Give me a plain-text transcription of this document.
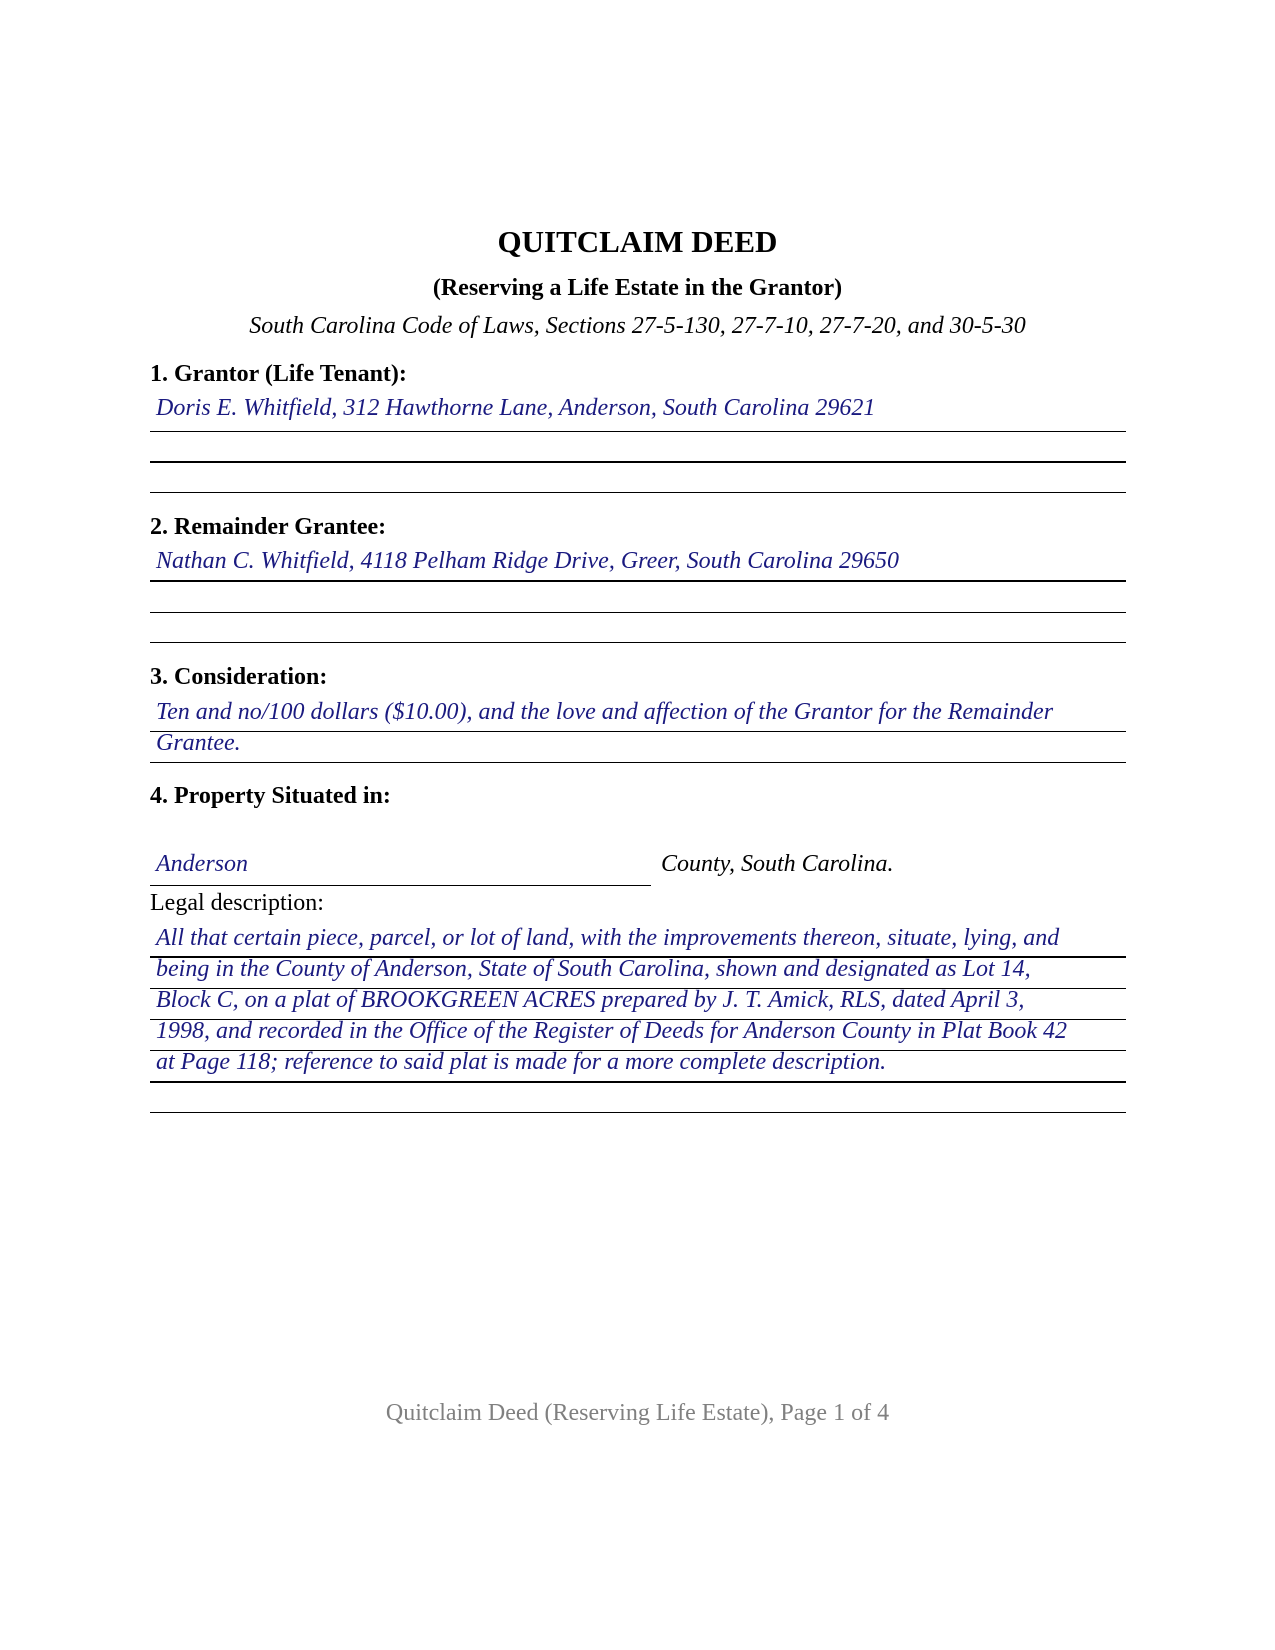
QUITCLAIM DEED
(Reserving a Life Estate in the Grantor)
South Carolina Code of Laws, Sections 27-5-130, 27-7-10, 27-7-20, and 30-5-30
1. Grantor (Life Tenant):
Doris E. Whitfield, 312 Hawthorne Lane, Anderson, South Carolina 29621
2. Remainder Grantee:
Nathan C. Whitfield, 4118 Pelham Ridge Drive, Greer, South Carolina 29650
3. Consideration:
Ten and no/100 dollars ($10.00), and the love and affection of the Grantor for the Remainder
Grantee.
4. Property Situated in:
Anderson	County, South Carolina.
Legal description:
All that certain piece, parcel, or lot of land, with the improvements thereon, situate, lying, and
being in the County of Anderson, State of South Carolina, shown and designated as Lot 14,
Block C, on a plat of BROOKGREEN ACRES prepared by J. T. Amick, RLS, dated April 3,
1998, and recorded in the Office of the Register of Deeds for Anderson County in Plat Book 42
at Page 118; reference to said plat is made for a more complete description.
Quitclaim Deed (Reserving Life Estate), Page 1 of 4
